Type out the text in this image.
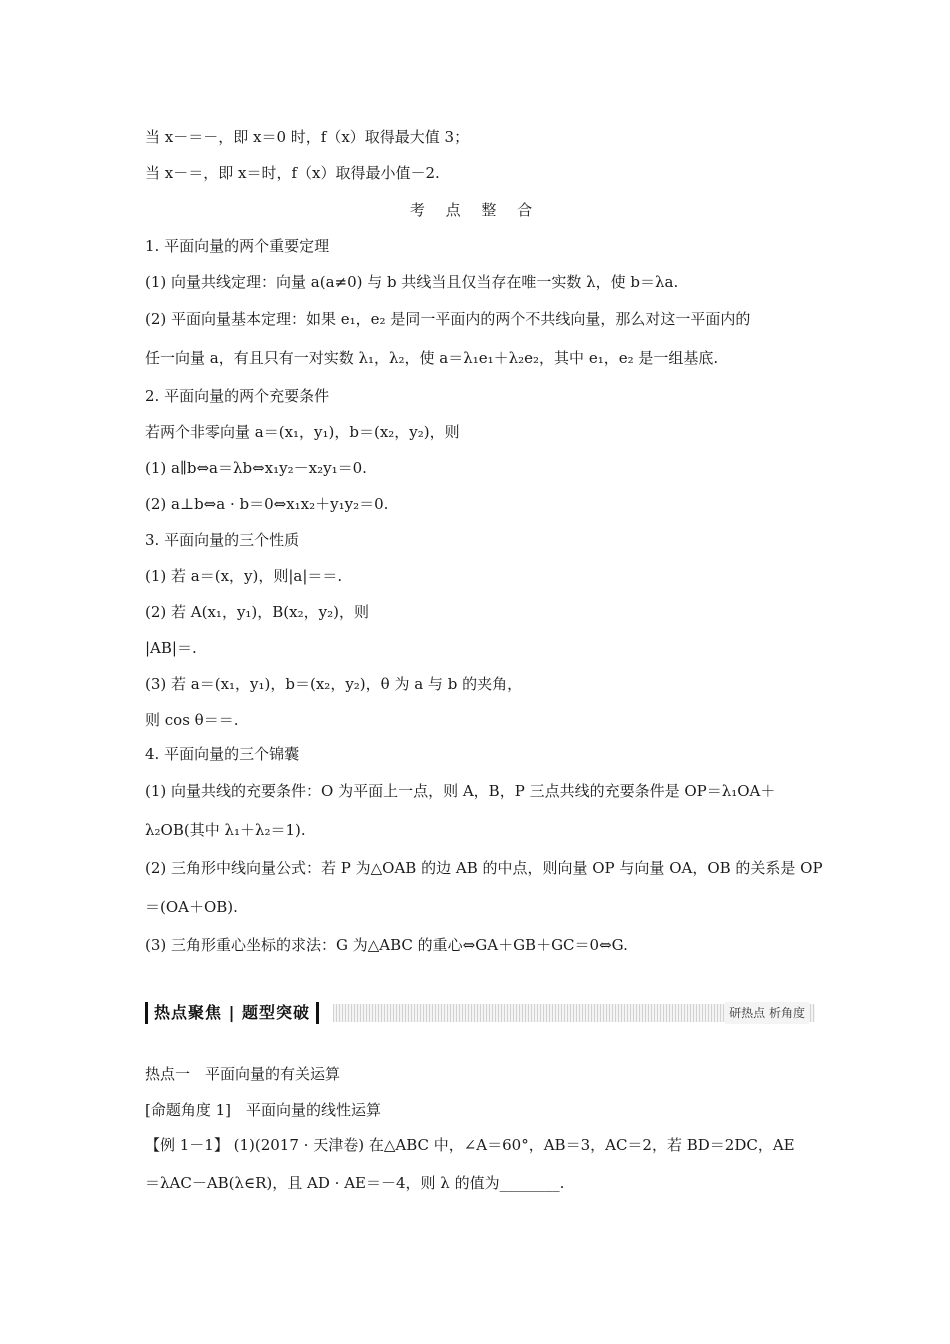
当 x－＝－，即 x＝0 时，f（x）取得最大值 3；
当 x－＝，即 x＝时，f（x）取得最小值－2.
考 点 整 合
1. 平面向量的两个重要定理
(1) 向量共线定理：向量 a(a≠0) 与 b 共线当且仅当存在唯一实数 λ，使 b＝λa.
(2) 平面向量基本定理：如果 e₁，e₂ 是同一平面内的两个不共线向量，那么对这一平面内的
任一向量 a，有且只有一对实数 λ₁，λ₂，使 a＝λ₁e₁＋λ₂e₂，其中 e₁，e₂ 是一组基底.
2. 平面向量的两个充要条件
若两个非零向量 a＝(x₁，y₁)，b＝(x₂，y₂)，则
(1) a∥b⇔a＝λb⇔x₁y₂－x₂y₁＝0.
(2) a⊥b⇔a · b＝0⇔x₁x₂＋y₁y₂＝0.
3. 平面向量的三个性质
(1) 若 a＝(x，y)，则|a|＝＝.
(2) 若 A(x₁，y₁)，B(x₂，y₂)，则
|AB|＝.
(3) 若 a＝(x₁，y₁)，b＝(x₂，y₂)，θ 为 a 与 b 的夹角，
则 cos θ＝＝.
4. 平面向量的三个锦囊
(1) 向量共线的充要条件：O 为平面上一点，则 A，B，P 三点共线的充要条件是 OP＝λ₁OA＋
λ₂OB(其中 λ₁＋λ₂＝1).
(2) 三角形中线向量公式：若 P 为△OAB 的边 AB 的中点，则向量 OP 与向量 OA，OB 的关系是 OP
＝(OA＋OB).
(3) 三角形重心坐标的求法：G 为△ABC 的重心⇔GA＋GB＋GC＝0⇔G.
热点聚焦 | 题型突破	研热点 析角度
热点一　平面向量的有关运算
[命题角度 1]　平面向量的线性运算
【例 1－1】 (1)(2017 · 天津卷) 在△ABC 中，∠A＝60°，AB＝3，AC＝2，若 BD＝2DC，AE
＝λAC－AB(λ∈R)，且 AD · AE＝－4，则 λ 的值为________.
